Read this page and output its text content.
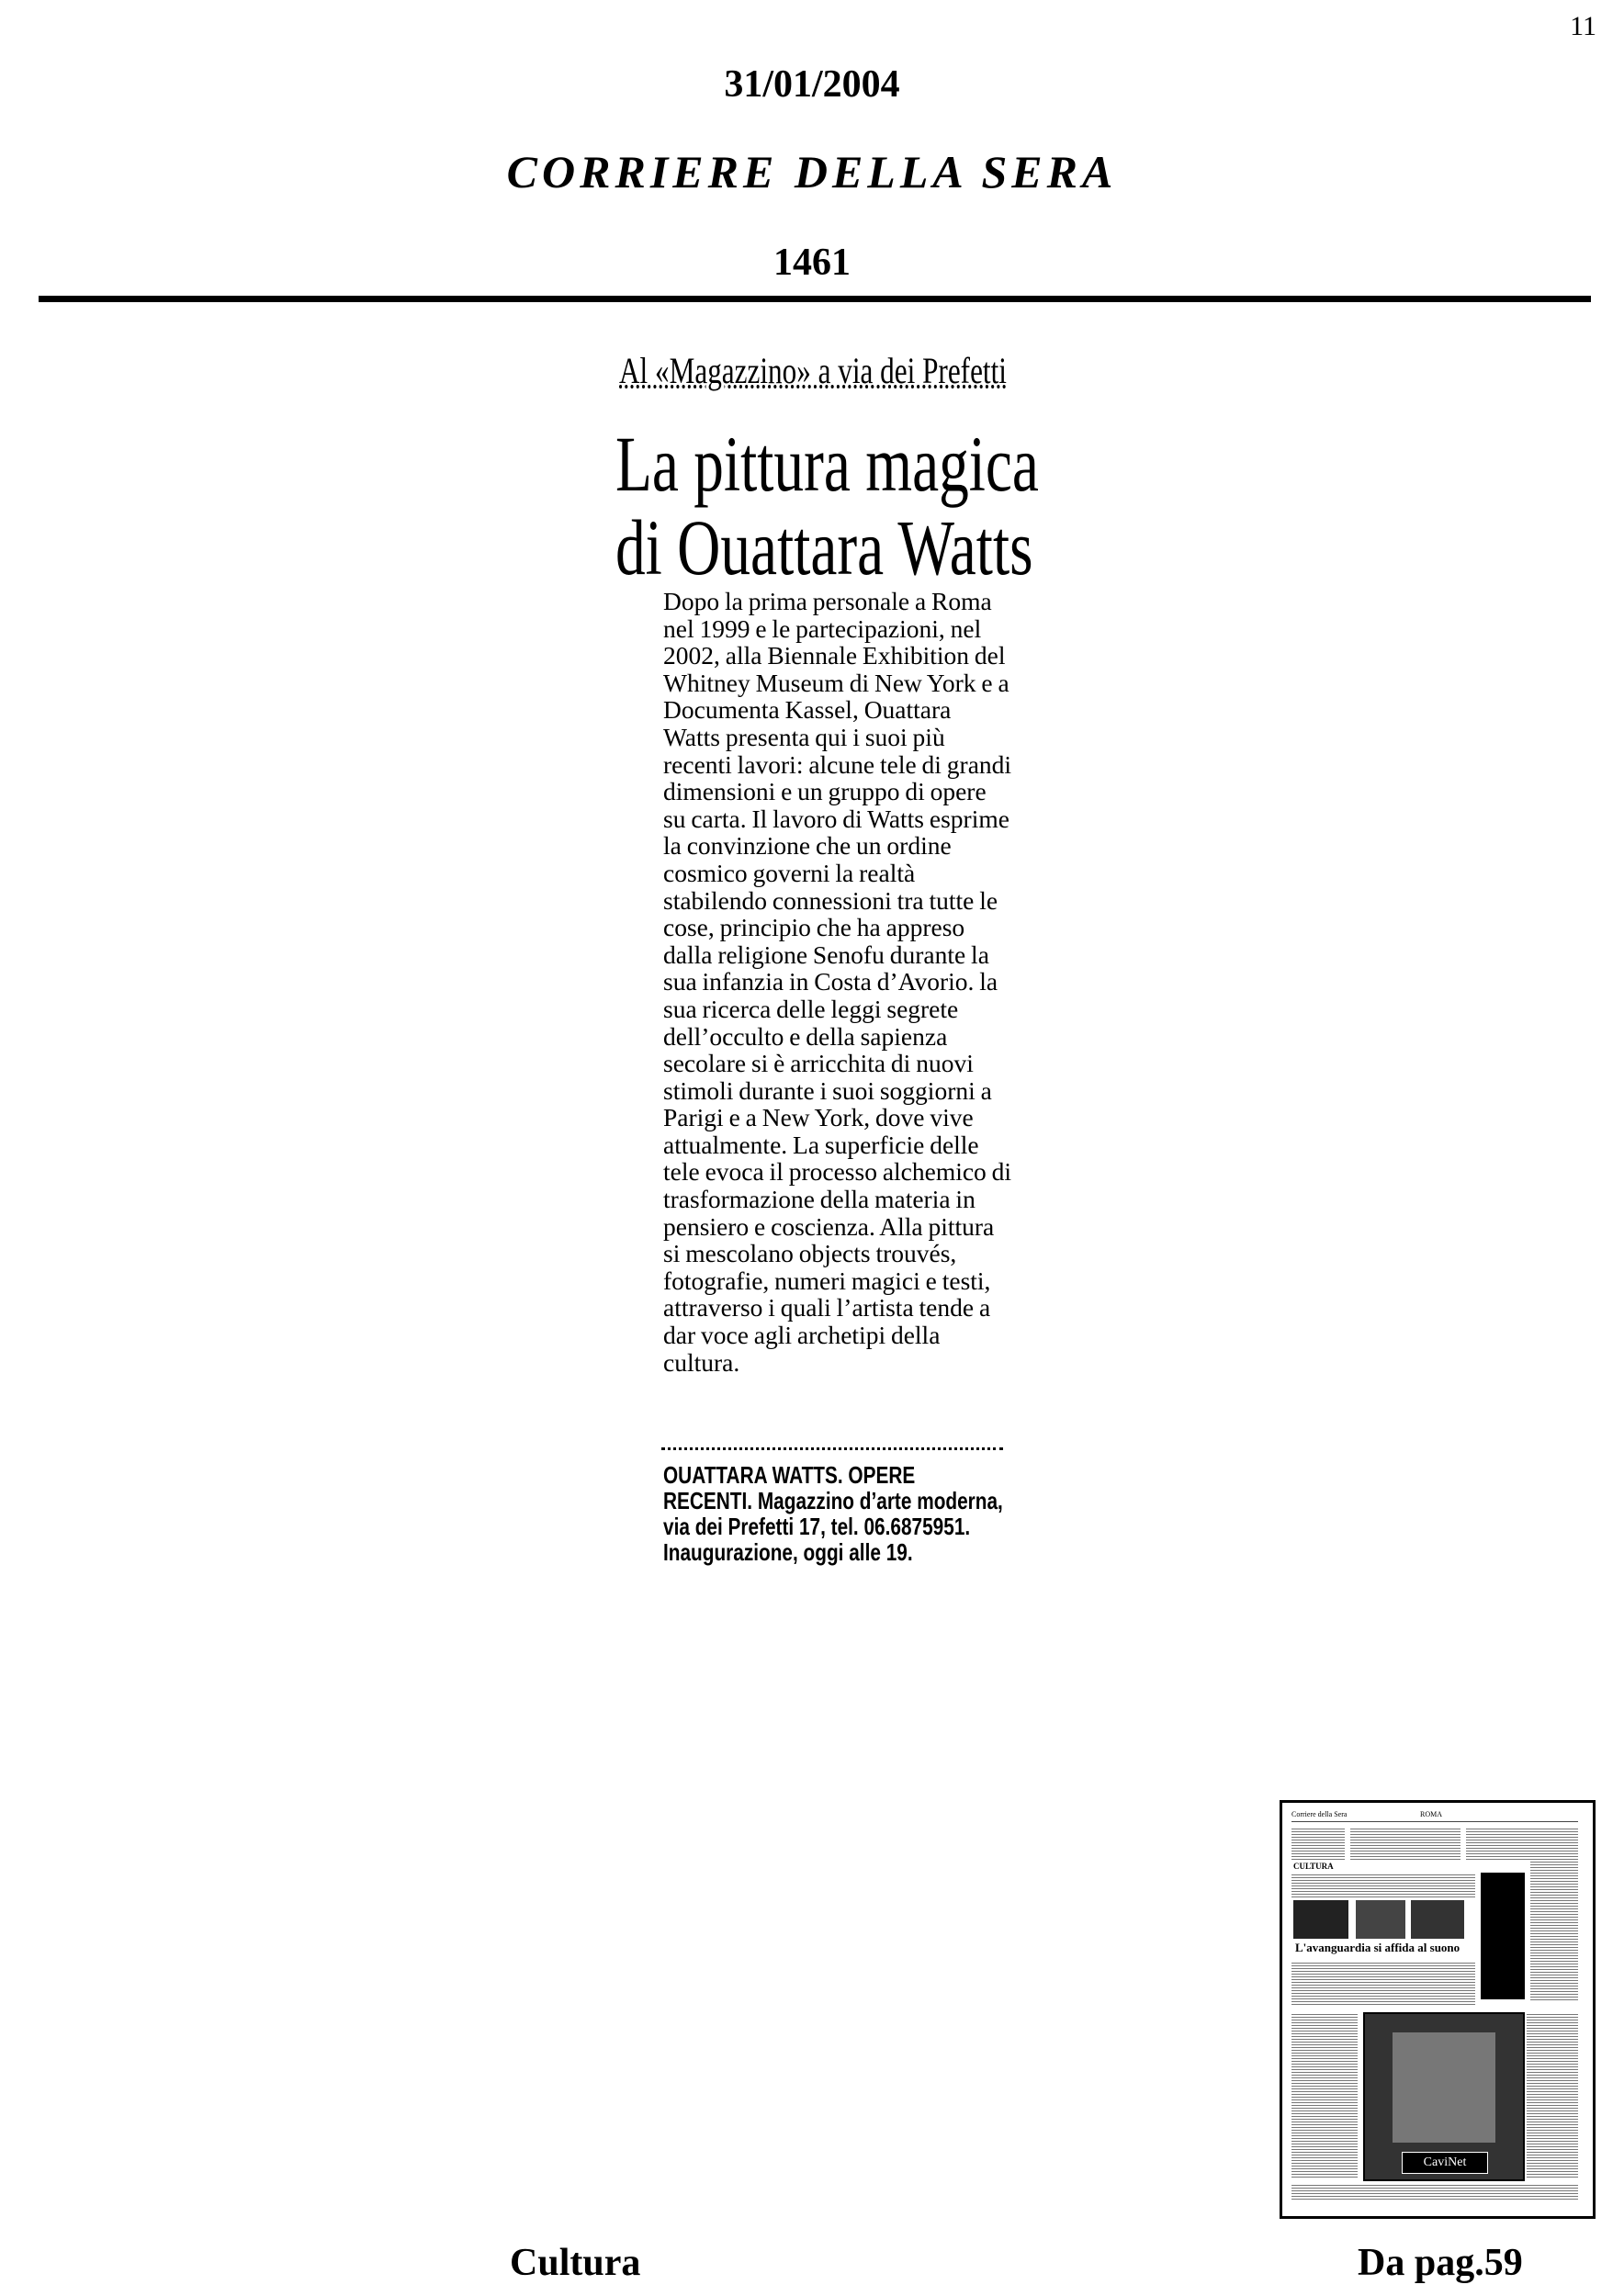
11
31/01/2004
CORRIERE DELLA SERA
1461
Al «Magazzino» a via dei Prefetti
La pittura magica
di Ouattara Watts
Dopo la prima personale a Roma nel 1999 e le partecipazioni, nel 2002, alla Biennale Exhibition del Whitney Museum di New York e a Documenta Kassel, Ouattara Watts presenta qui i suoi più recenti lavori: alcune tele di grandi dimensioni e un gruppo di opere su carta. Il lavoro di Watts esprime la convinzione che un ordine cosmico governi la realtà stabilendo connessioni tra tutte le cose, principio che ha appreso dalla religione Senofu durante la sua infanzia in Costa d’Avorio. la sua ricerca delle leggi segrete dell’occulto e della sapienza secolare si è arricchita di nuovi stimoli durante i suoi soggiorni a Parigi e a New York, dove vive attualmente. La superficie delle tele evoca il processo alchemico di trasformazione della materia in pensiero e coscienza. Alla pittura si mescolano objects trouvés, fotografie, numeri magici e testi, attraverso i quali l’artista tende a dar voce agli archetipi della cultura.
OUATTARA WATTS. OPERE RECENTI. Magazzino d’arte moderna, via dei Prefetti 17, tel. 06.6875951. Inaugurazione, oggi alle 19.
Corriere della Sera	ROMA
CULTURA
L'avanguardia si affida al suono
CaviNet
Cultura	Da pag.59
